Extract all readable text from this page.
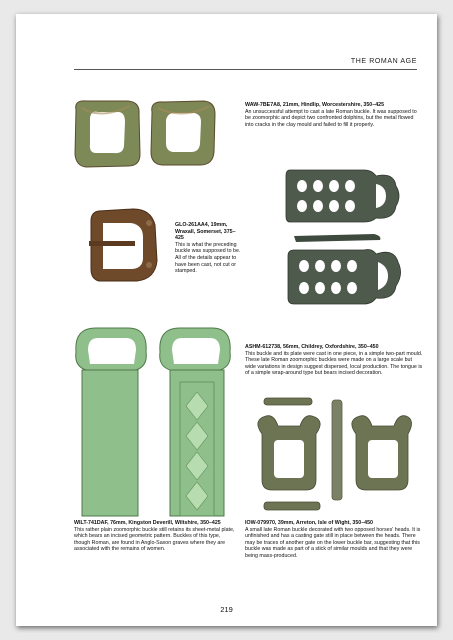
THE ROMAN AGE
WAW-7BE7A8, 21mm, Hindlip, Worcestershire, 350–425
An unsuccessful attempt to cast a late Roman buckle. It was supposed to be zoomorphic and depict two confronted dolphins, but the metal flowed into cracks in the clay mould and failed to fill it properly.
GLO-261AA4, 19mm, Wraxall, Somerset, 375–425
This is what the preceding buckle was supposed to be. All of the details appear to have been cast, not cut or stamped.
ASHM-612738, 56mm, Childrey, Oxfordshire, 350–450
This buckle and its plate were cast in one piece, in a simple two-part mould. These late Roman zoomorphic buckles were made on a large scale but wide variations in design suggest dispersed, local production. The tongue is of a simple wrap-around type but bears incised decoration.
WILT-741DAF, 76mm, Kingston Deverill, Wiltshire, 350–425
This rather plain zoomorphic buckle still retains its sheet-metal plate, which bears an incised geometric pattern. Buckles of this type, though Roman, are found in Anglo-Saxon graves where they are associated with the remains of women.
IOW-079970, 39mm, Arreton, Isle of Wight, 350–450
A small late Roman buckle decorated with two opposed horses' heads. It is unfinished and has a casting gate still in place between the heads. There may be traces of another gate on the lower buckle bar, suggesting that this buckle was made as part of a stick of similar moulds and that they were being mass-produced.
219
